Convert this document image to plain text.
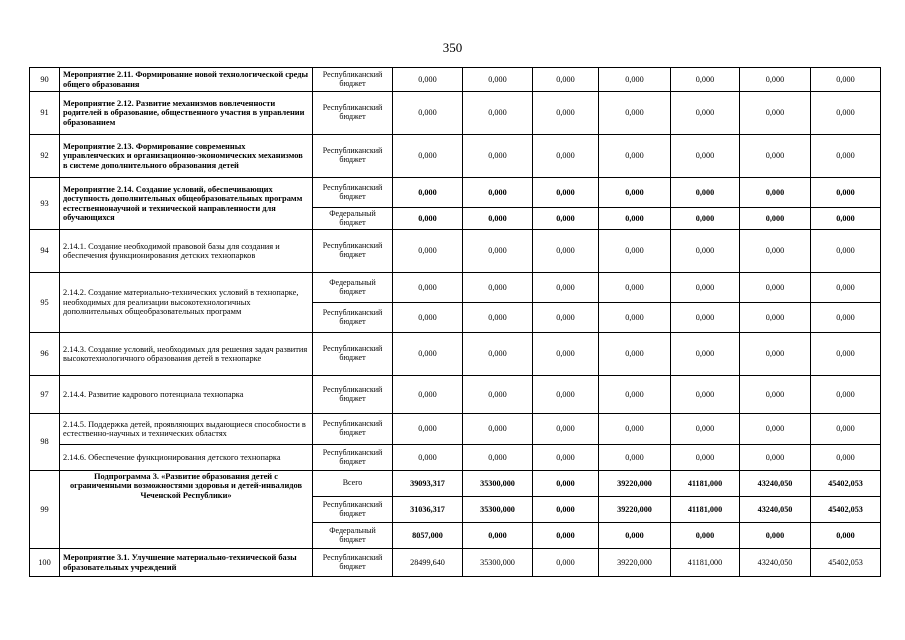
350
90	Мероприятие 2.11. Формирование новой технологической среды общего образования	Республиканский бюджет	0,000	0,000	0,000	0,000	0,000	0,000	0,000
91	Мероприятие 2.12. Развитие механизмов вовлеченности родителей в образование, общественного участия в управлении образованием	Республиканский бюджет	0,000	0,000	0,000	0,000	0,000	0,000	0,000
92	Мероприятие 2.13. Формирование современных управленческих и организационно-экономических механизмов в системе дополнительного образования детей	Республиканский бюджет	0,000	0,000	0,000	0,000	0,000	0,000	0,000
93	Мероприятие 2.14. Создание условий, обеспечивающих доступность дополнительных общеобразовательных программ естественнонаучной и технической направленности для обучающихся	Республиканский бюджет	0,000	0,000	0,000	0,000	0,000	0,000	0,000
		Федеральный бюджет	0,000	0,000	0,000	0,000	0,000	0,000	0,000
94	2.14.1. Создание необходимой правовой базы для создания и обеспечения функционирования детских технопарков	Республиканский бюджет	0,000	0,000	0,000	0,000	0,000	0,000	0,000
95	2.14.2. Создание материально-технических условий в технопарке, необходимых для реализации высокотехнологичных дополнительных общеобразовательных программ	Федеральный бюджет	0,000	0,000	0,000	0,000	0,000	0,000	0,000
		Республиканский бюджет	0,000	0,000	0,000	0,000	0,000	0,000	0,000
96	2.14.3. Создание условий, необходимых для решения задач развития высокотехнологичного образования детей в технопарке	Республиканский бюджет	0,000	0,000	0,000	0,000	0,000	0,000	0,000
97	2.14.4. Развитие кадрового потенциала технопарка	Республиканский бюджет	0,000	0,000	0,000	0,000	0,000	0,000	0,000
98	2.14.5. Поддержка детей, проявляющих выдающиеся способности в естественно-научных и технических областях	Республиканский бюджет	0,000	0,000	0,000	0,000	0,000	0,000	0,000
	2.14.6. Обеспечение функционирования детского технопарка	Республиканский бюджет	0,000	0,000	0,000	0,000	0,000	0,000	0,000
99	Подпрограмма 3. «Развитие образования детей с ограниченными возможностями здоровья и детей-инвалидов Чеченской Республики»	Всего	39093,317	35300,000	0,000	39220,000	41181,000	43240,050	45402,053
		Республиканский бюджет	31036,317	35300,000	0,000	39220,000	41181,000	43240,050	45402,053
		Федеральный бюджет	8057,000	0,000	0,000	0,000	0,000	0,000	0,000
100	Мероприятие 3.1. Улучшение материально-технической базы образовательных учреждений	Республиканский бюджет	28499,640	35300,000	0,000	39220,000	41181,000	43240,050	45402,053
